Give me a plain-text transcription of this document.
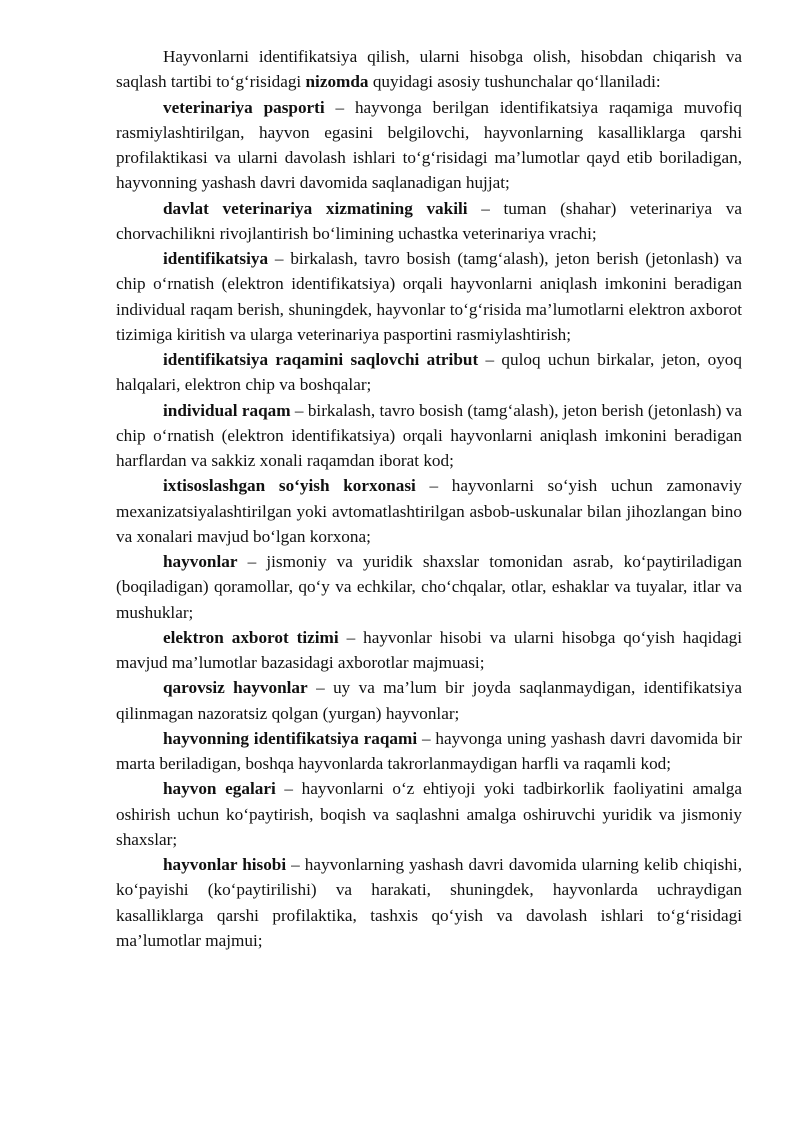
Hayvonlarni identifikatsiya qilish, ularni hisobga olish, hisobdan chiqarish va saqlash tartibi to‘g‘risidagi nizomda quyidagi asosiy tushunchalar qo‘llaniladi:

veterinariya pasporti – hayvonga berilgan identifikatsiya raqamiga muvofiq rasmiylashtirilgan, hayvon egasini belgilovchi, hayvonlarning kasalliklarga qarshi profilaktikasi va ularni davolash ishlari to‘g‘risidagi ma’lumotlar qayd etib boriladigan, hayvonning yashash davri davomida saqlanadigan hujjat;

davlat veterinariya xizmatining vakili – tuman (shahar) veterinariya va chorvachilikni rivojlantirish bo‘limining uchastka veterinariya vrachi;

identifikatsiya – birkalash, tavro bosish (tamg‘alash), jeton berish (jetonlash) va chip o‘rnatish (elektron identifikatsiya) orqali hayvonlarni aniqlash imkonini beradigan individual raqam berish, shuningdek, hayvonlar to‘g‘risida ma’lumotlarni elektron axborot tizimiga kiritish va ularga veterinariya pasportini rasmiylashtirish;

identifikatsiya raqamini saqlovchi atribut – quloq uchun birkalar, jeton, oyoq halqalari, elektron chip va boshqalar;

individual raqam – birkalash, tavro bosish (tamg‘alash), jeton berish (jetonlash) va chip o‘rnatish (elektron identifikatsiya) orqali hayvonlarni aniqlash imkonini beradigan harflardan va sakkiz xonali raqamdan iborat kod;

ixtisoslashgan so‘yish korxonasi – hayvonlarni so‘yish uchun zamonaviy mexanizatsiyalashtirilgan yoki avtomatlashtirilgan asbob-uskunalar bilan jihozlangan bino va xonalari mavjud bo‘lgan korxona;

hayvonlar – jismoniy va yuridik shaxslar tomonidan asrab, ko‘paytiriladigan (boqiladigan) qoramollar, qo‘y va echkilar, cho‘chqalar, otlar, eshaklar va tuyalar, itlar va mushuklar;

elektron axborot tizimi – hayvonlar hisobi va ularni hisobga qo‘yish haqidagi mavjud ma’lumotlar bazasidagi axborotlar majmuasi;

qarovsiz hayvonlar – uy va ma’lum bir joyda saqlanmaydigan, identifikatsiya qilinmagan nazoratsiz qolgan (yurgan) hayvonlar;

hayvonning identifikatsiya raqami – hayvonga uning yashash davri davomida bir marta beriladigan, boshqa hayvonlarda takrorlanmaydigan harfli va raqamli kod;

hayvon egalari – hayvonlarni o‘z ehtiyoji yoki tadbirkorlik faoliyatini amalga oshirish uchun ko‘paytirish, boqish va saqlashni amalga oshiruvchi yuridik va jismoniy shaxslar;

hayvonlar hisobi – hayvonlarning yashash davri davomida ularning kelib chiqishi, ko‘payishi (ko‘paytirilishi) va harakati, shuningdek, hayvonlarda uchraydigan kasalliklarga qarshi profilaktika, tashxis qo‘yish va davolash ishlari to‘g‘risidagi ma’lumotlar majmui;
